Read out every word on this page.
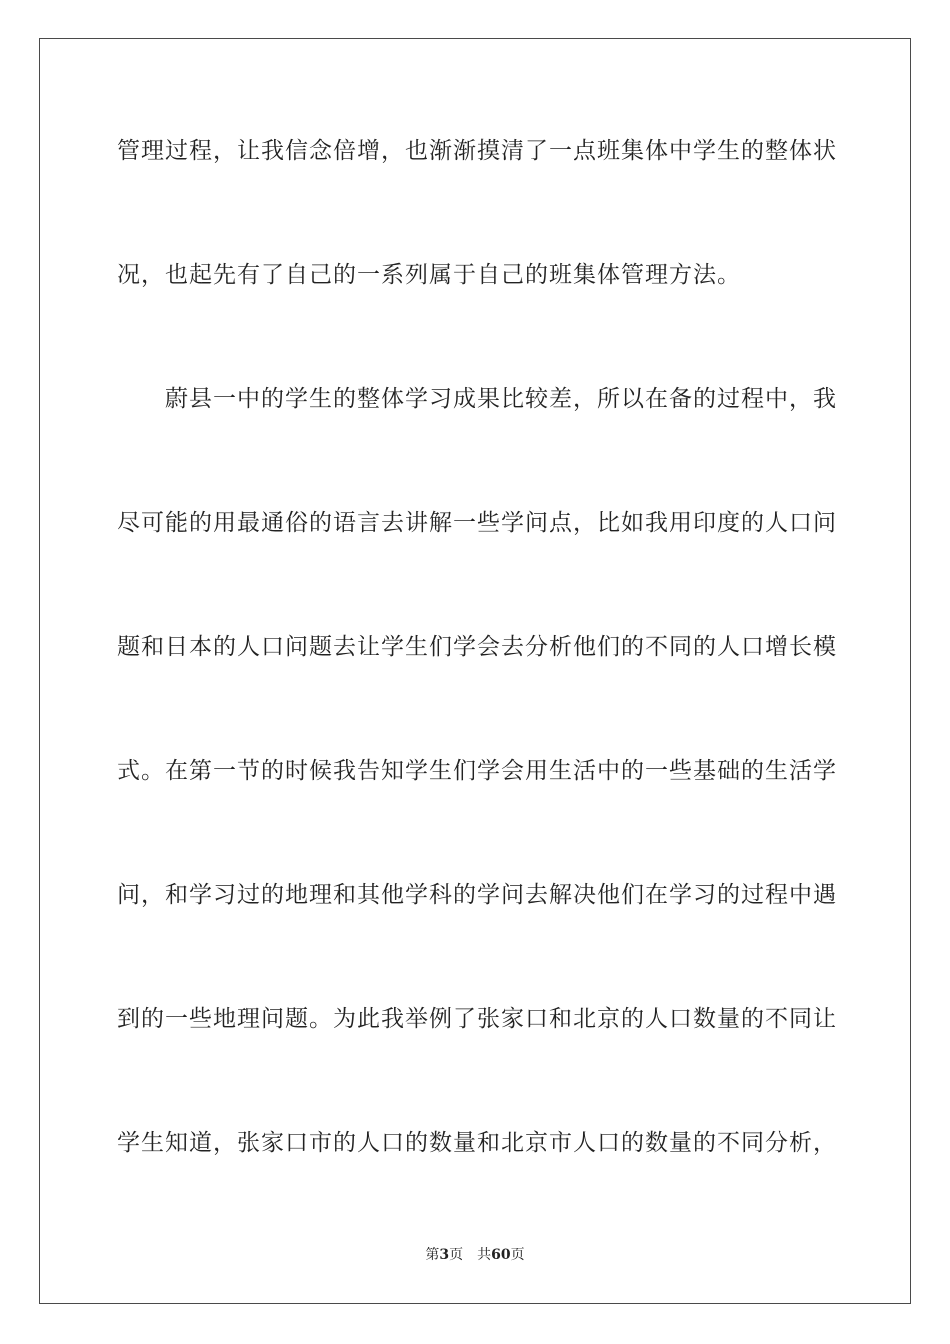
管理过程，让我信念倍增，也渐渐摸清了一点班集体中学生的整体状
况，也起先有了自己的一系列属于自己的班集体管理方法。
　　蔚县一中的学生的整体学习成果比较差，所以在备的过程中，我
尽可能的用最通俗的语言去讲解一些学问点，比如我用印度的人口问
题和日本的人口问题去让学生们学会去分析他们的不同的人口增长模
式。在第一节的时候我告知学生们学会用生活中的一些基础的生活学
问，和学习过的地理和其他学科的学问去解决他们在学习的过程中遇
到的一些地理问题。为此我举例了张家口和北京的人口数量的不同让
学生知道，张家口市的人口的数量和北京市人口的数量的不同分析，
第3页 共60页
